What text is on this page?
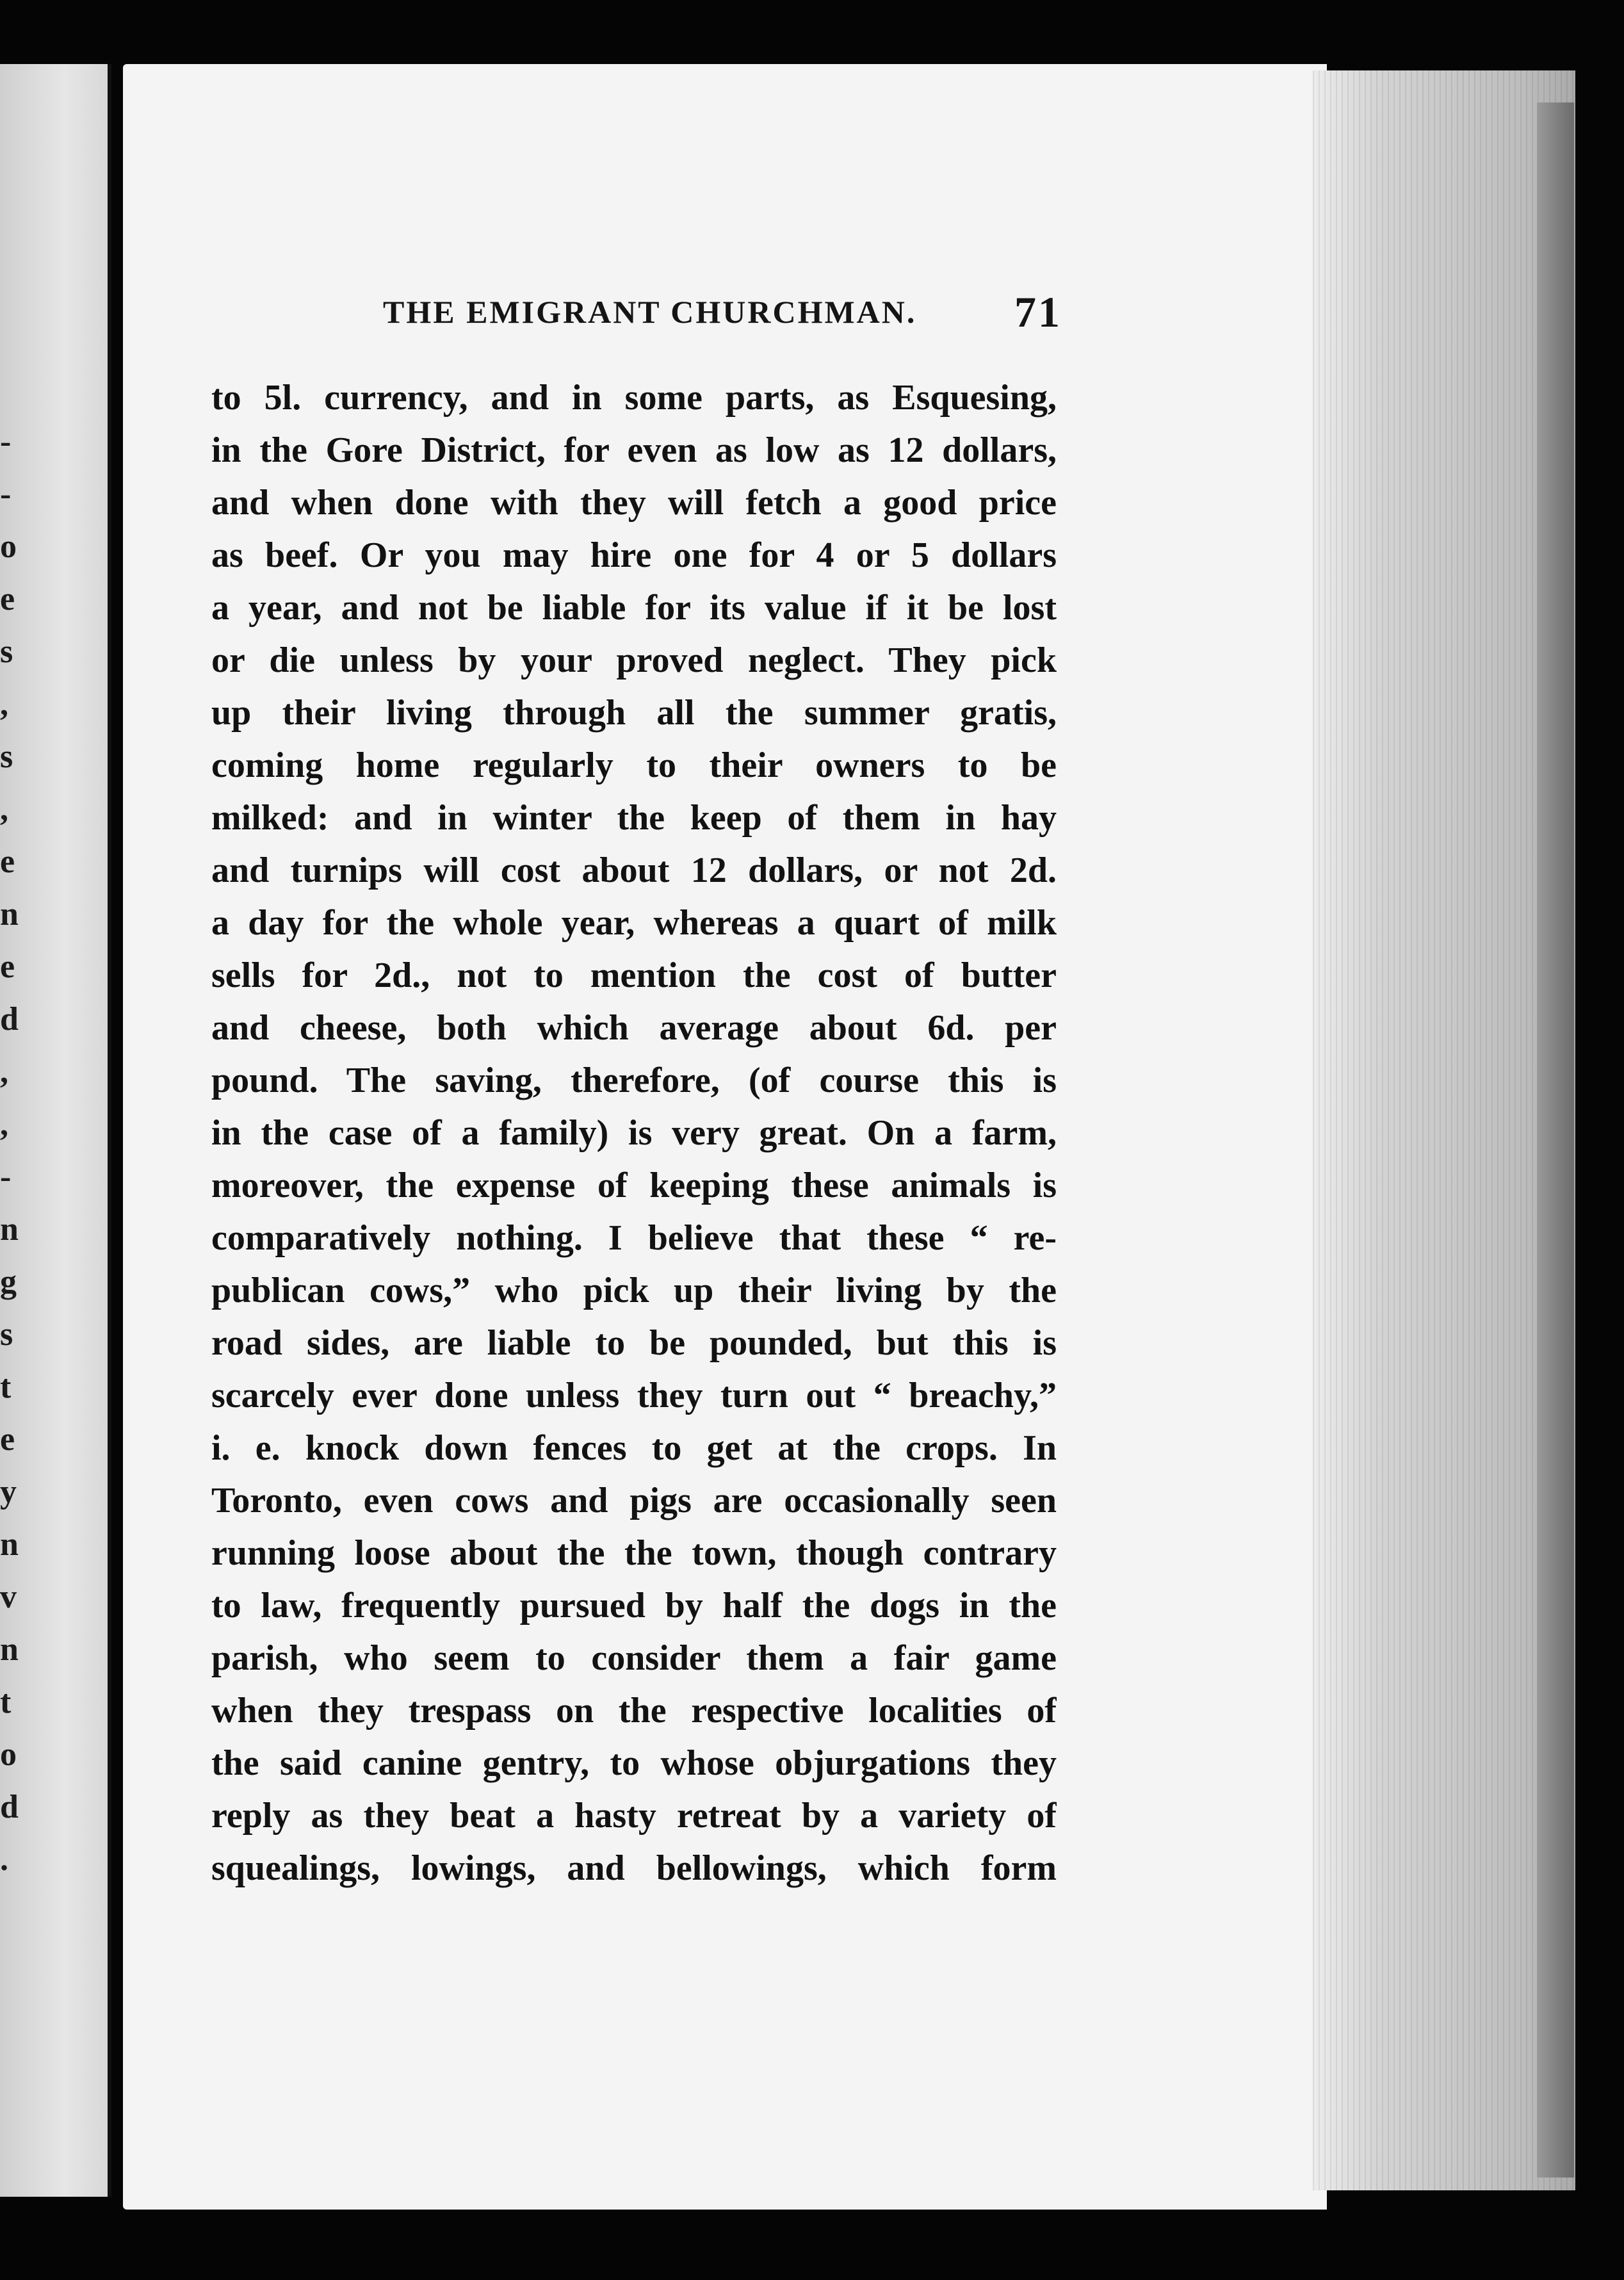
-
-
o
e
s
,
s
,
e
n
e
d
,
,
-
n
g
s
t
e
y
n
v
n
t
o
d
.
THE EMIGRANT CHURCHMAN. 71
to 5l. currency, and in some parts, as Esquesing,
in the Gore District, for even as low as 12 dollars,
and when done with they will fetch a good price
as beef. Or you may hire one for 4 or 5 dollars
a year, and not be liable for its value if it be lost
or die unless by your proved neglect. They pick
up their living through all the summer gratis,
coming home regularly to their owners to be
milked: and in winter the keep of them in hay
and turnips will cost about 12 dollars, or not 2d.
a day for the whole year, whereas a quart of milk
sells for 2d., not to mention the cost of butter
and cheese, both which average about 6d. per
pound. The saving, therefore, (of course this is
in the case of a family) is very great. On a farm,
moreover, the expense of keeping these animals is
comparatively nothing. I believe that these “ re-
publican cows,” who pick up their living by the
road sides, are liable to be pounded, but this is
scarcely ever done unless they turn out “ breachy,”
i. e. knock down fences to get at the crops. In
Toronto, even cows and pigs are occasionally seen
running loose about the the town, though contrary
to law, frequently pursued by half the dogs in the
parish, who seem to consider them a fair game
when they trespass on the respective localities of
the said canine gentry, to whose objurgations they
reply as they beat a hasty retreat by a variety of
squealings, lowings, and bellowings, which form
